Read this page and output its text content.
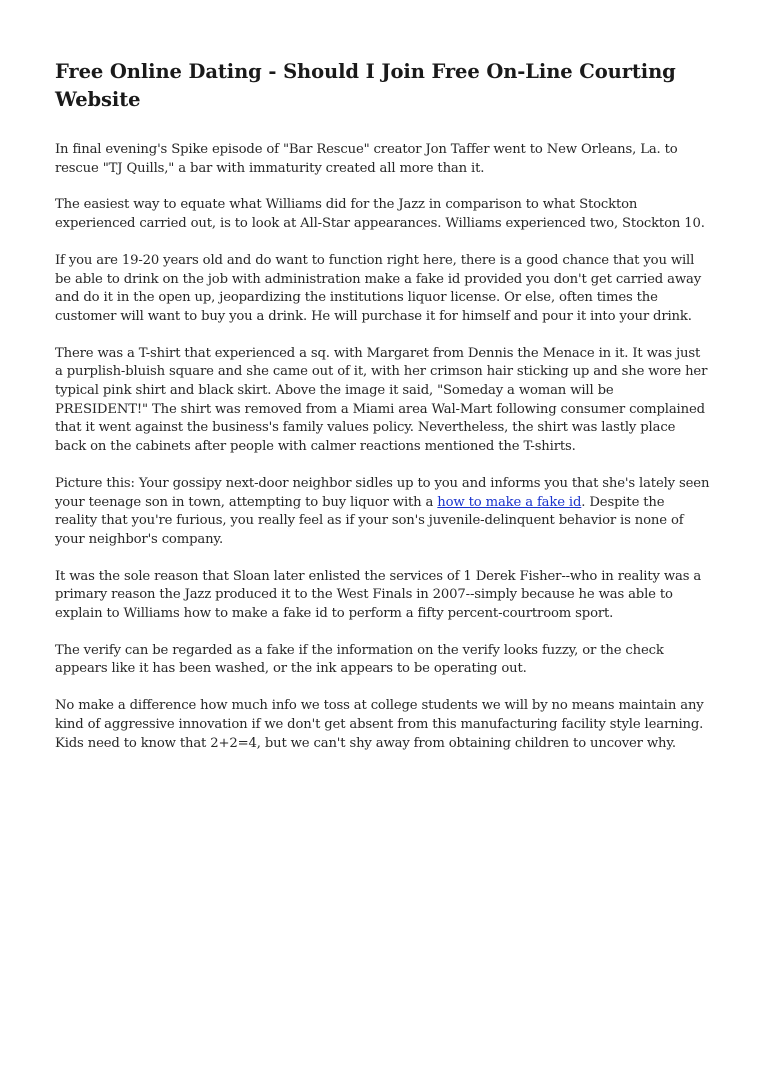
Free Online Dating - Should I Join Free On-Line Courting Website

In final evening's Spike episode of "Bar Rescue" creator Jon Taffer went to New Orleans, La. to rescue "TJ Quills," a bar with immaturity created all more than it.

The easiest way to equate what Williams did for the Jazz in comparison to what Stockton experienced carried out, is to look at All-Star appearances. Williams experienced two, Stockton 10.

If you are 19-20 years old and do want to function right here, there is a good chance that you will be able to drink on the job with administration make a fake id provided you don't get carried away and do it in the open up, jeopardizing the institutions liquor license. Or else, often times the customer will want to buy you a drink. He will purchase it for himself and pour it into your drink.

There was a T-shirt that experienced a sq. with Margaret from Dennis the Menace in it. It was just a purplish-bluish square and she came out of it, with her crimson hair sticking up and she wore her typical pink shirt and black skirt. Above the image it said, "Someday a woman will be PRESIDENT!" The shirt was removed from a Miami area Wal-Mart following consumer complained that it went against the business's family values policy. Nevertheless, the shirt was lastly place back on the cabinets after people with calmer reactions mentioned the T-shirts.

Picture this: Your gossipy next-door neighbor sidles up to you and informs you that she's lately seen your teenage son in town, attempting to buy liquor with a how to make a fake id. Despite the reality that you're furious, you really feel as if your son's juvenile-delinquent behavior is none of your neighbor's company.

It was the sole reason that Sloan later enlisted the services of 1 Derek Fisher--who in reality was a primary reason the Jazz produced it to the West Finals in 2007--simply because he was able to explain to Williams how to make a fake id to perform a fifty percent-courtroom sport.

The verify can be regarded as a fake if the information on the verify looks fuzzy, or the check appears like it has been washed, or the ink appears to be operating out.

No make a difference how much info we toss at college students we will by no means maintain any kind of aggressive innovation if we don't get absent from this manufacturing facility style learning. Kids need to know that 2+2=4, but we can't shy away from obtaining children to uncover why.
